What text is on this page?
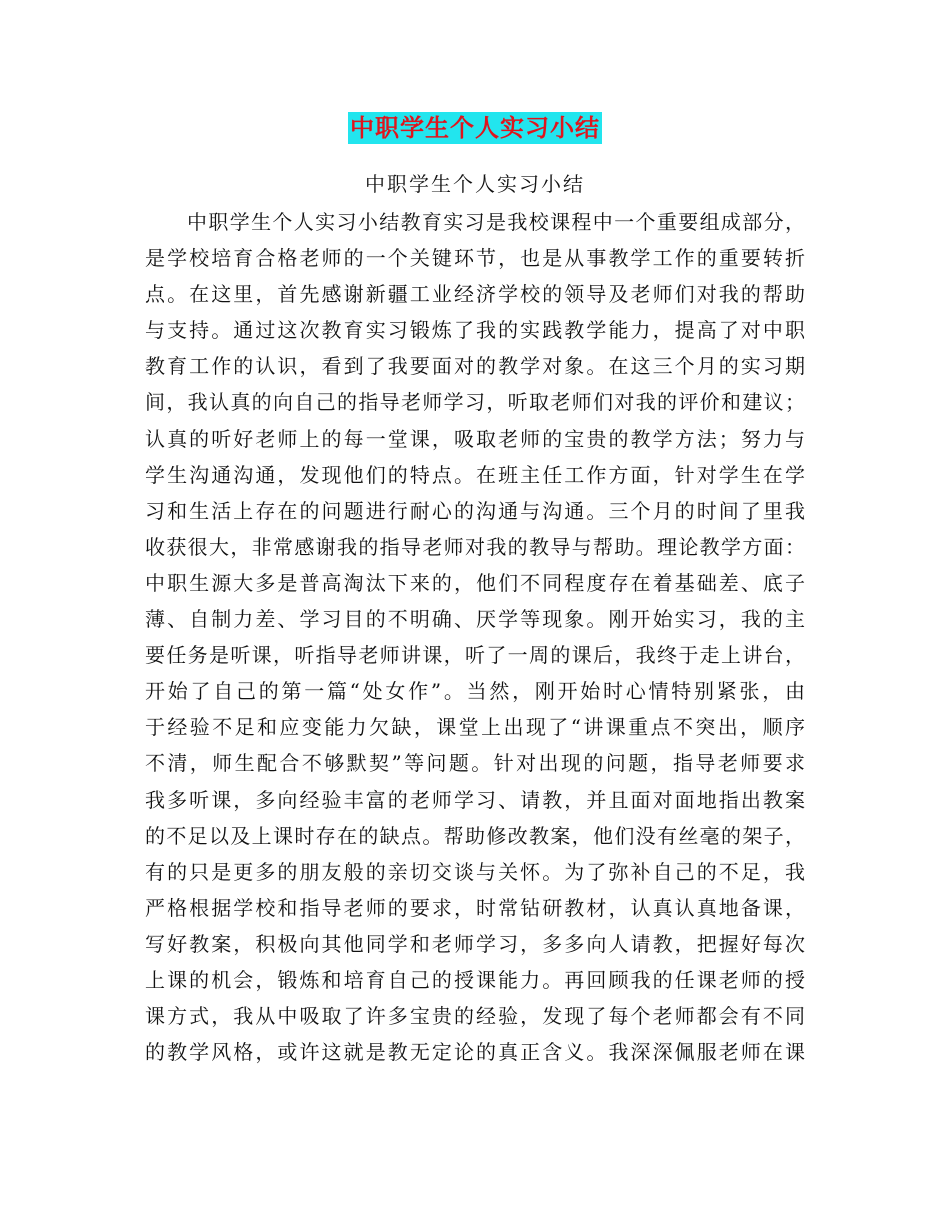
中职学生个人实习小结
中职学生个人实习小结
中职学生个人实习小结教育实习是我校课程中一个重要组成部分，
是学校培育合格老师的一个关键环节，也是从事教学工作的重要转折
点。在这里，首先感谢新疆工业经济学校的领导及老师们对我的帮助
与支持。通过这次教育实习锻炼了我的实践教学能力，提高了对中职
教育工作的认识，看到了我要面对的教学对象。在这三个月的实习期
间，我认真的向自己的指导老师学习，听取老师们对我的评价和建议；
认真的听好老师上的每一堂课，吸取老师的宝贵的教学方法；努力与
学生沟通沟通，发现他们的特点。在班主任工作方面，针对学生在学
习和生活上存在的问题进行耐心的沟通与沟通。三个月的时间了里我
收获很大，非常感谢我的指导老师对我的教导与帮助。理论教学方面：
中职生源大多是普高淘汰下来的，他们不同程度存在着基础差、底子
薄、自制力差、学习目的不明确、厌学等现象。刚开始实习，我的主
要任务是听课，听指导老师讲课，听了一周的课后，我终于走上讲台，
开始了自己的第一篇“处女作”。当然，刚开始时心情特别紧张，由
于经验不足和应变能力欠缺，课堂上出现了“讲课重点不突出，顺序
不清，师生配合不够默契”等问题。针对出现的问题，指导老师要求
我多听课，多向经验丰富的老师学习、请教，并且面对面地指出教案
的不足以及上课时存在的缺点。帮助修改教案，他们没有丝毫的架子，
有的只是更多的朋友般的亲切交谈与关怀。为了弥补自己的不足，我
严格根据学校和指导老师的要求，时常钻研教材，认真认真地备课，
写好教案，积极向其他同学和老师学习，多多向人请教，把握好每次
上课的机会，锻炼和培育自己的授课能力。再回顾我的任课老师的授
课方式，我从中吸取了许多宝贵的经验，发现了每个老师都会有不同
的教学风格，或许这就是教无定论的真正含义。我深深佩服老师在课
